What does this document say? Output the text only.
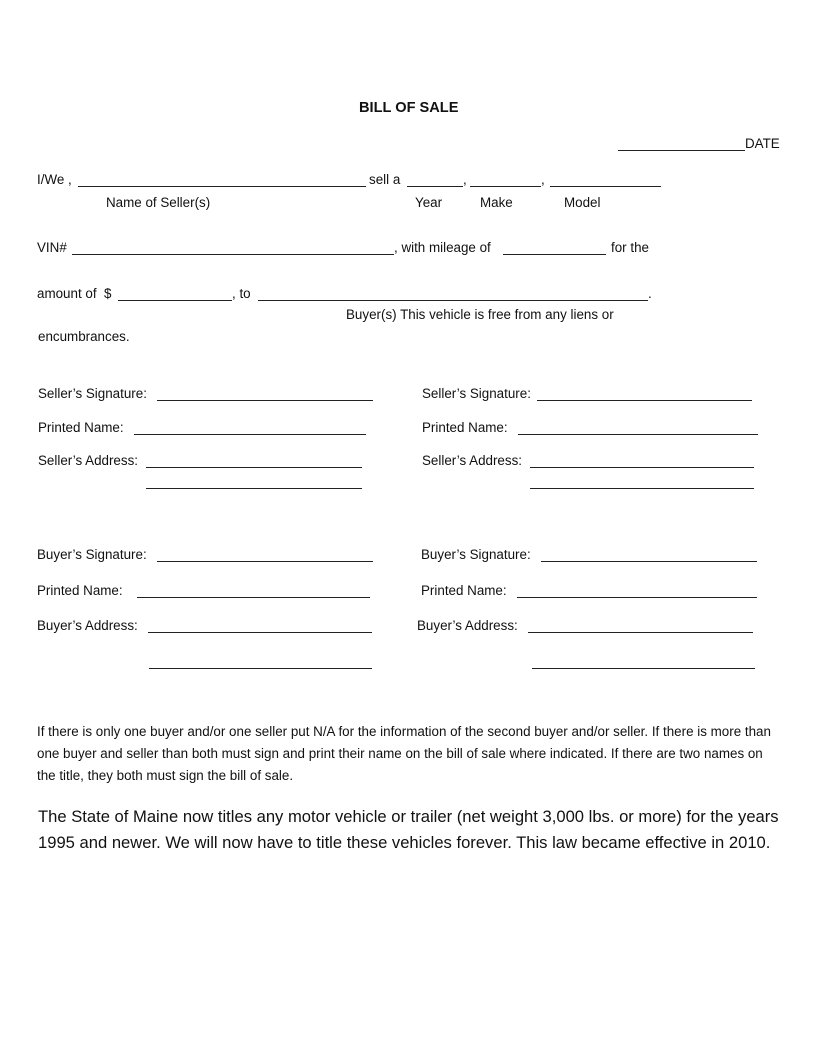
BILL OF SALE
DATE
I/We ,	sell a	,	,
Name of Seller(s)	Year	Make	Model
VIN#	, with mileage of	for the
amount of  $	, to	.
Buyer(s) This vehicle is free from any liens or
encumbrances.
Seller’s Signature:
Printed Name:
Seller’s Address:
Seller’s Signature:
Printed Name:
Seller’s Address:
Buyer’s Signature:
Printed Name:
Buyer’s Address:
Buyer’s Signature:
Printed Name:
Buyer’s Address:
If there is only one buyer and/or one seller put N/A for the information of the second buyer and/or seller. If there is more than one buyer and seller than both must sign and print their name on the bill of sale where indicated. If there are two names on the title, they both must sign the bill of sale.
The State of Maine now titles any motor vehicle or trailer (net weight 3,000 lbs. or more) for the years 1995 and newer. We will now have to title these vehicles forever. This law became effective in 2010.
